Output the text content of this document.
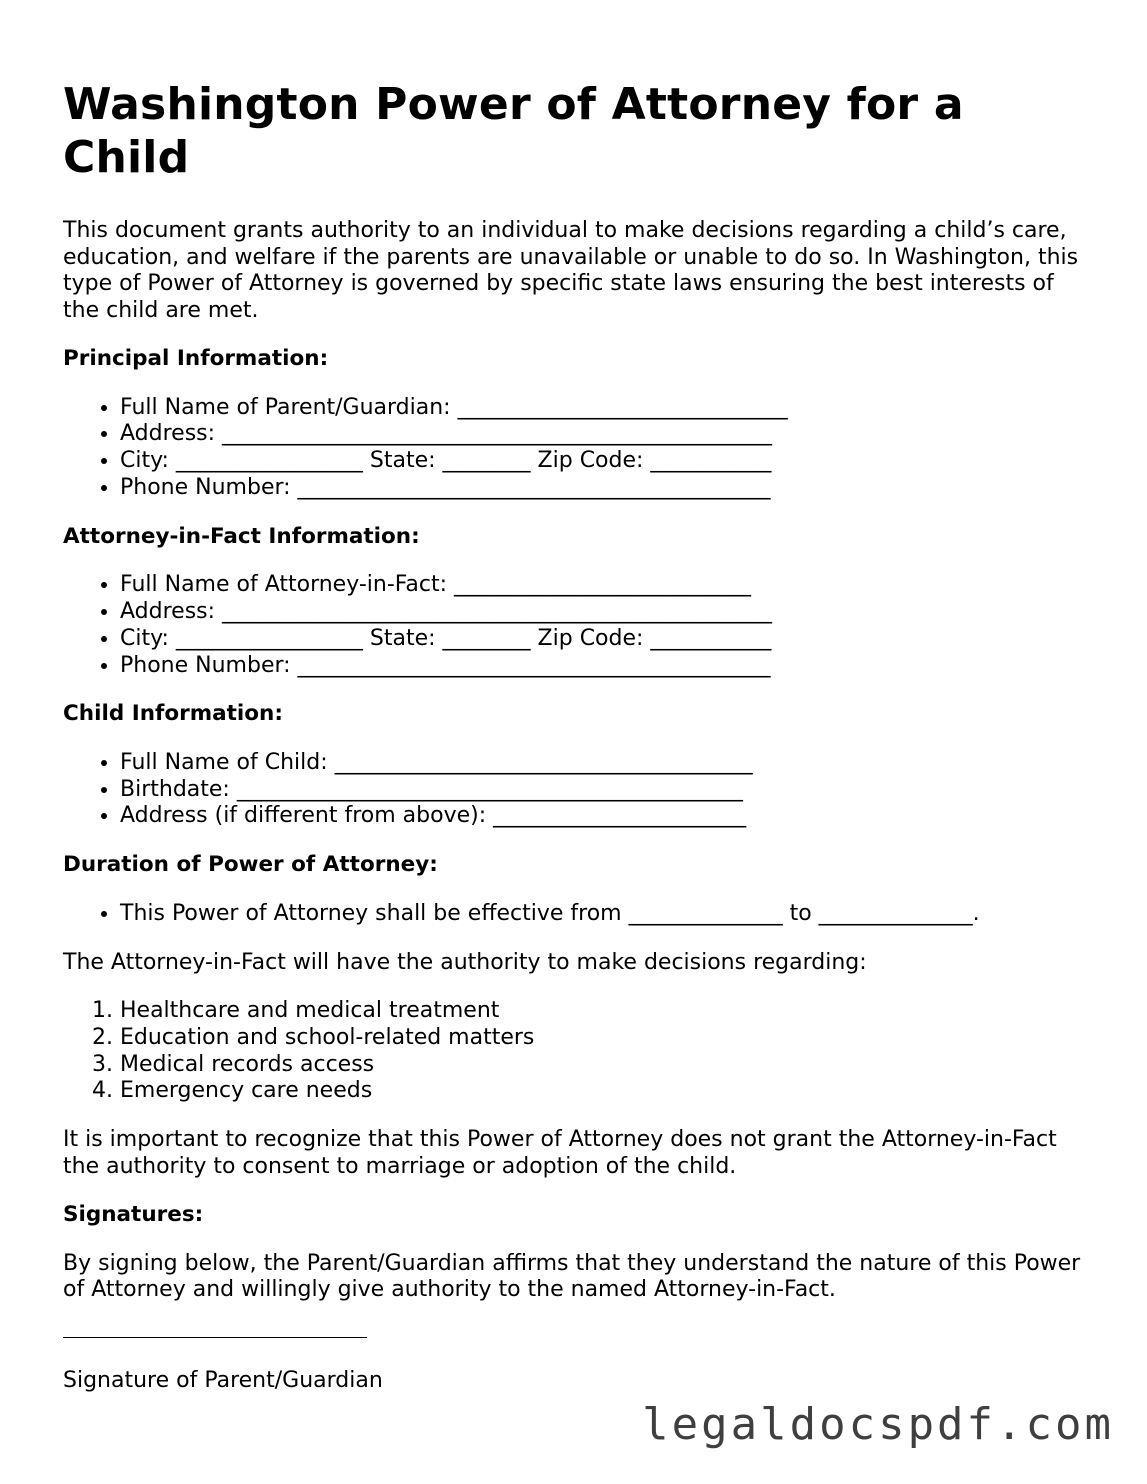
Washington Power of Attorney for a Child

This document grants authority to an individual to make decisions regarding a child’s care, education, and welfare if the parents are unavailable or unable to do so. In Washington, this type of Power of Attorney is governed by specific state laws ensuring the best interests of the child are met.

Principal Information:
• Full Name of Parent/Guardian: ______________________________
• Address: __________________________________________________
• City: _________________ State: ________ Zip Code: ___________
• Phone Number: ___________________________________________
Attorney-in-Fact Information:
• Full Name of Attorney-in-Fact: ___________________________
• Address: __________________________________________________
• City: _________________ State: ________ Zip Code: ___________
• Phone Number: ___________________________________________
Child Information:
• Full Name of Child: ______________________________________
• Birthdate: ______________________________________________
• Address (if different from above): _______________________
Duration of Power of Attorney:
• This Power of Attorney shall be effective from ______________ to ______________.

The Attorney-in-Fact will have the authority to make decisions regarding:

1. Healthcare and medical treatment
2. Education and school-related matters
3. Medical records access
4. Emergency care needs

It is important to recognize that this Power of Attorney does not grant the Attorney-in-Fact the authority to consent to marriage or adoption of the child.

Signatures:

By signing below, the Parent/Guardian affirms that they understand the nature of this Power of Attorney and willingly give authority to the named Attorney-in-Fact.

Signature of Parent/Guardian
legaldocspdf.com
